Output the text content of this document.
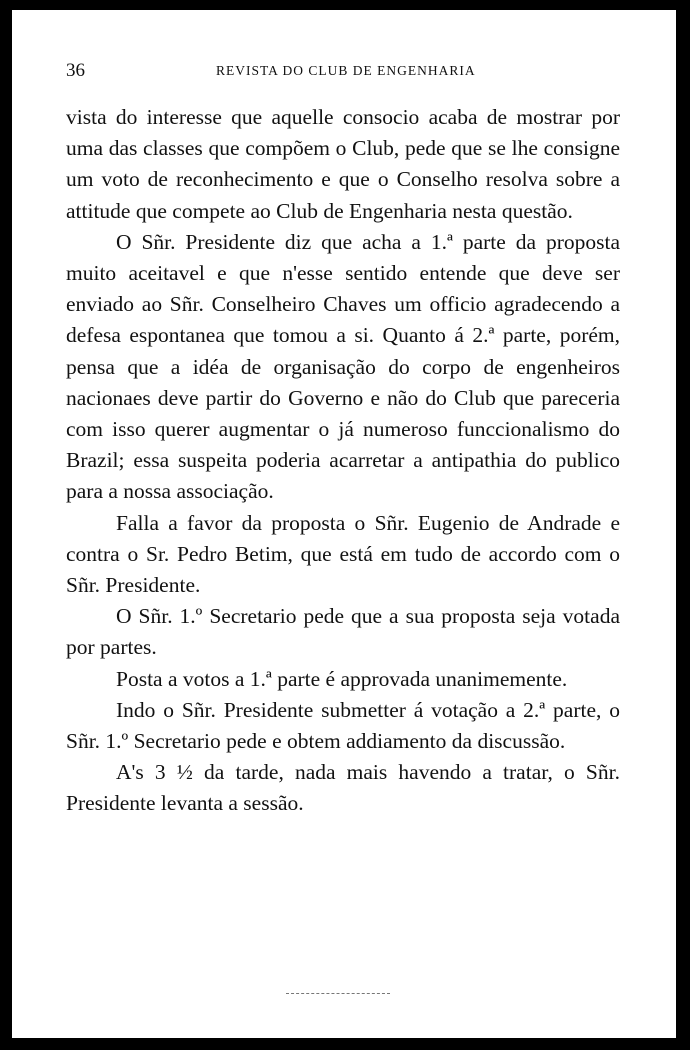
36	REVISTA DO CLUB DE ENGENHARIA

vista do interesse que aquelle consocio acaba de mostrar por uma das classes que compõem o Club, pede que se lhe consigne um voto de reconhecimento e que o Conselho resolva sobre a attitude que compete ao Club de Engenharia nesta questão.

O Sñr. Presidente diz que acha a 1.ª parte da proposta muito aceitavel e que n'esse sentido entende que deve ser enviado ao Sñr. Conselheiro Chaves um officio agradecendo a defesa espontanea que tomou a si. Quanto á 2.ª parte, porém, pensa que a idéa de organisação do corpo de engenheiros nacionaes deve partir do Governo e não do Club que pareceria com isso querer augmentar o já numeroso funccionalismo do Brazil; essa suspeita poderia acarretar a antipathia do publico para a nossa associação.

Falla a favor da proposta o Sñr. Eugenio de Andrade e contra o Sr. Pedro Betim, que está em tudo de accordo com o Sñr. Presidente.

O Sñr. 1.º Secretario pede que a sua proposta seja votada por partes.

Posta a votos a 1.ª parte é approvada unanimemente.

Indo o Sñr. Presidente submetter á votação a 2.ª parte, o Sñr. 1.º Secretario pede e obtem addiamento da discussão.

A's 3 ½ da tarde, nada mais havendo a tratar, o Sñr. Presidente levanta a sessão.
